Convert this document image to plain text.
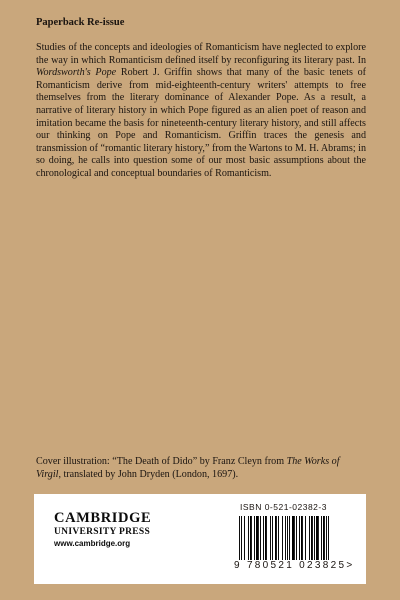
Paperback Re-issue
Studies of the concepts and ideologies of Romanticism have neglected to explore the way in which Romanticism defined itself by reconfiguring its literary past. In Wordsworth's Pope Robert J. Griffin shows that many of the basic tenets of Romanticism derive from mid-eighteenth-century writers' attempts to free themselves from the literary dominance of Alexander Pope. As a result, a narrative of literary history in which Pope figured as an alien poet of reason and imitation became the basis for nineteenth-century literary history, and still affects our thinking on Pope and Romanticism. Griffin traces the genesis and transmission of “romantic literary history,” from the Wartons to M. H. Abrams; in so doing, he calls into question some of our most basic assumptions about the chronological and conceptual boundaries of Romanticism.
Cover illustration: “The Death of Dido” by Franz Cleyn from The Works of Virgil, translated by John Dryden (London, 1697).
CAMBRIDGE
UNIVERSITY PRESS
www.cambridge.org
ISBN 0-521-02382-3
9 780521 023825>
